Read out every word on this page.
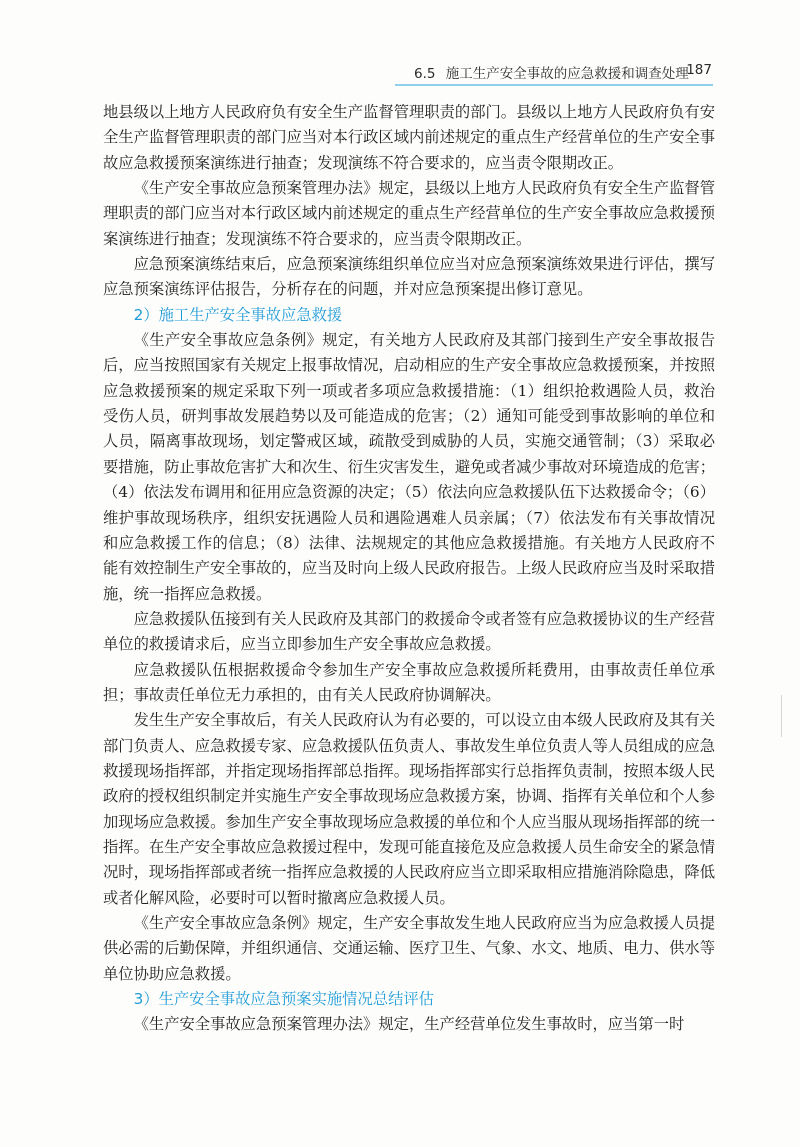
6.5 施工生产安全事故的应急救援和调查处理
187

地县级以上地方人民政府负有安全生产监督管理职责的部门。县级以上地方人民政府负有安全生产监督管理职责的部门应当对本行政区域内前述规定的重点生产经营单位的生产安全事故应急救援预案演练进行抽查；发现演练不符合要求的，应当责令限期改正。

《生产安全事故应急预案管理办法》规定，县级以上地方人民政府负有安全生产监督管理职责的部门应当对本行政区域内前述规定的重点生产经营单位的生产安全事故应急救援预案演练进行抽查；发现演练不符合要求的，应当责令限期改正。

应急预案演练结束后，应急预案演练组织单位应当对应急预案演练效果进行评估，撰写应急预案演练评估报告，分析存在的问题，并对应急预案提出修订意见。

2）施工生产安全事故应急救援

《生产安全事故应急条例》规定，有关地方人民政府及其部门接到生产安全事故报告后，应当按照国家有关规定上报事故情况，启动相应的生产安全事故应急救援预案，并按照应急救援预案的规定采取下列一项或者多项应急救援措施：（1）组织抢救遇险人员，救治受伤人员，研判事故发展趋势以及可能造成的危害；（2）通知可能受到事故影响的单位和人员，隔离事故现场，划定警戒区域，疏散受到威胁的人员，实施交通管制；（3）采取必要措施，防止事故危害扩大和次生、衍生灾害发生，避免或者减少事故对环境造成的危害；（4）依法发布调用和征用应急资源的决定；（5）依法向应急救援队伍下达救援命令；（6）维护事故现场秩序，组织安抚遇险人员和遇险遇难人员亲属；（7）依法发布有关事故情况和应急救援工作的信息；（8）法律、法规规定的其他应急救援措施。有关地方人民政府不能有效控制生产安全事故的，应当及时向上级人民政府报告。上级人民政府应当及时采取措施，统一指挥应急救援。

应急救援队伍接到有关人民政府及其部门的救援命令或者签有应急救援协议的生产经营单位的救援请求后，应当立即参加生产安全事故应急救援。

应急救援队伍根据救援命令参加生产安全事故应急救援所耗费用，由事故责任单位承担；事故责任单位无力承担的，由有关人民政府协调解决。

发生生产安全事故后，有关人民政府认为有必要的，可以设立由本级人民政府及其有关部门负责人、应急救援专家、应急救援队伍负责人、事故发生单位负责人等人员组成的应急救援现场指挥部，并指定现场指挥部总指挥。现场指挥部实行总指挥负责制，按照本级人民政府的授权组织制定并实施生产安全事故现场应急救援方案，协调、指挥有关单位和个人参加现场应急救援。参加生产安全事故现场应急救援的单位和个人应当服从现场指挥部的统一指挥。在生产安全事故应急救援过程中，发现可能直接危及应急救援人员生命安全的紧急情况时，现场指挥部或者统一指挥应急救援的人民政府应当立即采取相应措施消除隐患，降低或者化解风险，必要时可以暂时撤离应急救援人员。

《生产安全事故应急条例》规定，生产安全事故发生地人民政府应当为应急救援人员提供必需的后勤保障，并组织通信、交通运输、医疗卫生、气象、水文、地质、电力、供水等单位协助应急救援。

3）生产安全事故应急预案实施情况总结评估

《生产安全事故应急预案管理办法》规定，生产经营单位发生事故时，应当第一时
